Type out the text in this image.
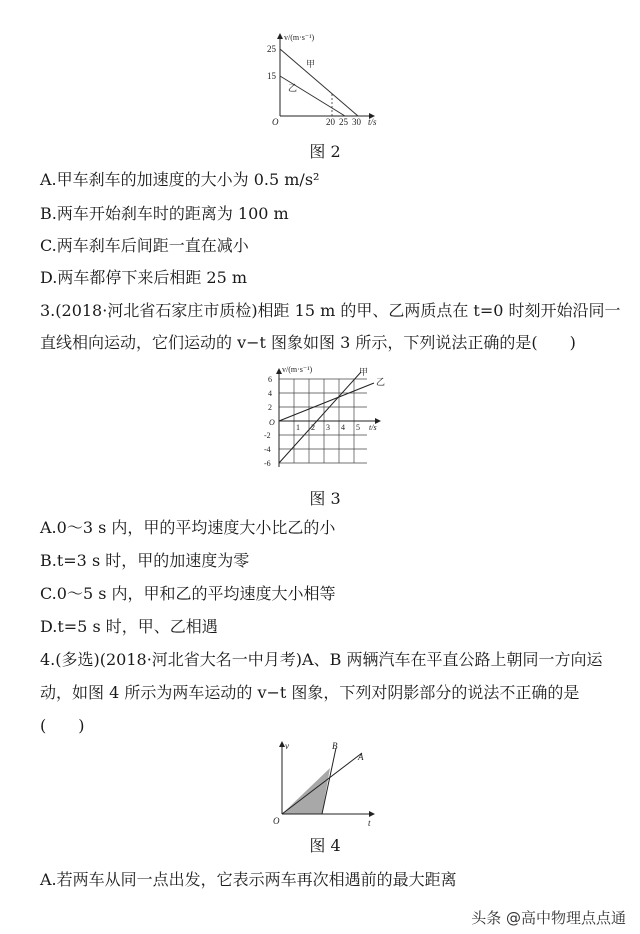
v/(m·s⁻¹)
25
15
O	20 25 30 t/s
甲
乙
图 2
A.甲车刹车的加速度的大小为 0.5 m/s²
B.两车开始刹车时的距离为 100 m
C.两车刹车后间距一直在减小
D.两车都停下来后相距 25 m
3.(2018·河北省石家庄市质检)相距 15 m 的甲、乙两质点在 t=0 时刻开始沿同一
直线相向运动，它们运动的 v−t 图象如图 3 所示，下列说法正确的是(　　)
v/(m·s⁻¹)	甲
乙
6
4
2
O
-2
-4
-6
1 2 3 4 5 t/s
图 3
A.0～3 s 内，甲的平均速度大小比乙的小
B.t=3 s 时，甲的加速度为零
C.0～5 s 内，甲和乙的平均速度大小相等
D.t=5 s 时，甲、乙相遇
4.(多选)(2018·河北省大名一中月考)A、B 两辆汽车在平直公路上朝同一方向运
动，如图 4 所示为两车运动的 v−t 图象，下列对阴影部分的说法不正确的是
(　　)
v	B
A
O	t
图 4
A.若两车从同一点出发，它表示两车再次相遇前的最大距离
头条 @高中物理点点通
